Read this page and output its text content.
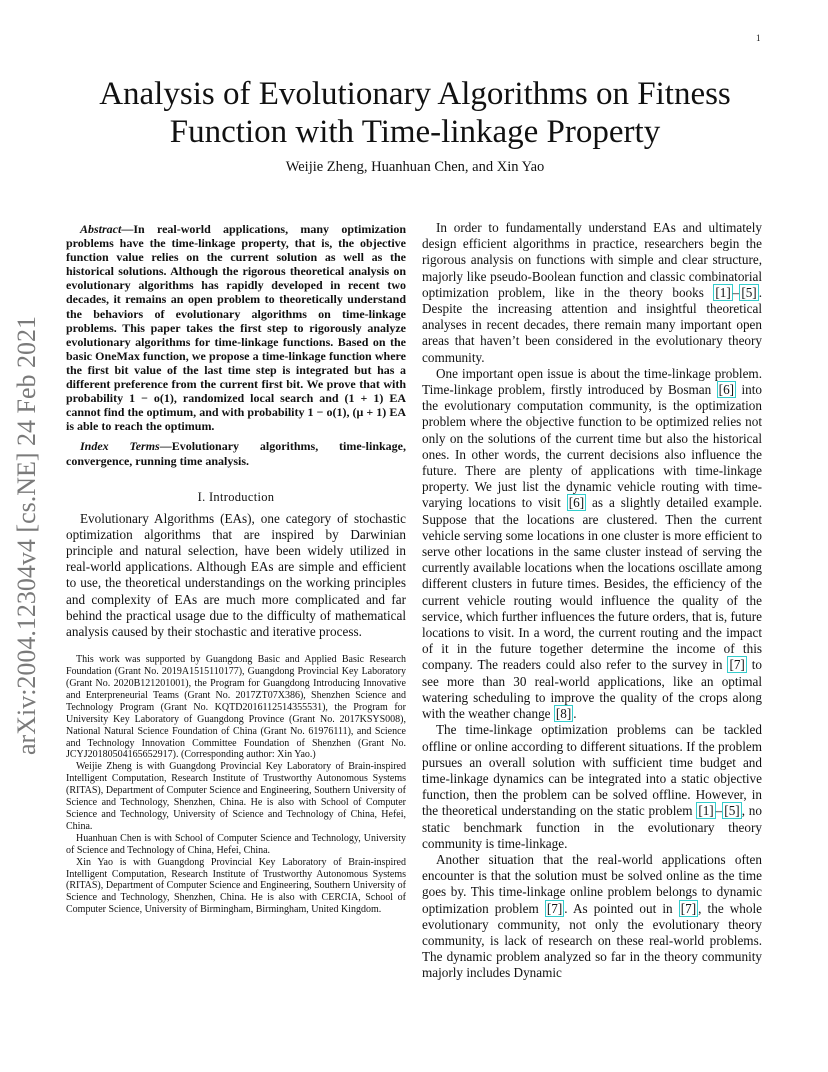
1
arXiv:2004.12304v4 [cs.NE] 24 Feb 2021
Analysis of Evolutionary Algorithms on Fitness
Function with Time-linkage Property
Weijie Zheng, Huanhuan Chen, and Xin Yao

Abstract—In real-world applications, many optimization problems have the time-linkage property, that is, the objective function value relies on the current solution as well as the historical solutions. Although the rigorous theoretical analysis on evolutionary algorithms has rapidly developed in recent two decades, it remains an open problem to theoretically understand the behaviors of evolutionary algorithms on time-linkage problems. This paper takes the first step to rigorously analyze evolutionary algorithms for time-linkage functions. Based on the basic OneMax function, we propose a time-linkage function where the first bit value of the last time step is integrated but has a different preference from the current first bit. We prove that with probability 1 − o(1), randomized local search and (1 + 1) EA cannot find the optimum, and with probability 1 − o(1), (μ + 1) EA is able to reach the optimum.

Index Terms—Evolutionary algorithms, time-linkage, convergence, running time analysis.

I. Introduction

Evolutionary Algorithms (EAs), one category of stochastic optimization algorithms that are inspired by Darwinian principle and natural selection, have been widely utilized in real-world applications. Although EAs are simple and efficient to use, the theoretical understandings on the working principles and complexity of EAs are much more complicated and far behind the practical usage due to the difficulty of mathematical analysis caused by their stochastic and iterative process.

This work was supported by Guangdong Basic and Applied Basic Research Foundation (Grant No. 2019A1515110177), Guangdong Provincial Key Laboratory (Grant No. 2020B121201001), the Program for Guangdong Introducing Innovative and Enterpreneurial Teams (Grant No. 2017ZT07X386), Shenzhen Science and Technology Program (Grant No. KQTD2016112514355531), the Program for University Key Laboratory of Guangdong Province (Grant No. 2017KSYS008), National Natural Science Foundation of China (Grant No. 61976111), and Science and Technology Innovation Committee Foundation of Shenzhen (Grant No. JCYJ20180504165652917). (Corresponding author: Xin Yao.)

Weijie Zheng is with Guangdong Provincial Key Laboratory of Brain-inspired Intelligent Computation, Research Institute of Trustworthy Autonomous Systems (RITAS), Department of Computer Science and Engineering, Southern University of Science and Technology, Shenzhen, China. He is also with School of Computer Science and Technology, University of Science and Technology of China, Hefei, China.

Huanhuan Chen is with School of Computer Science and Technology, University of Science and Technology of China, Hefei, China.

Xin Yao is with Guangdong Provincial Key Laboratory of Brain-inspired Intelligent Computation, Research Institute of Trustworthy Autonomous Systems (RITAS), Department of Computer Science and Engineering, Southern University of Science and Technology, Shenzhen, China. He is also with CERCIA, School of Computer Science, University of Birmingham, Birmingham, United Kingdom.

In order to fundamentally understand EAs and ultimately design efficient algorithms in practice, researchers begin the rigorous analysis on functions with simple and clear structure, majorly like pseudo-Boolean function and classic combinatorial optimization problem, like in the theory books [1] – [5] . Despite the increasing attention and insightful theoretical analyses in recent decades, there remain many important open areas that haven’t been considered in the evolutionary theory community.

One important open issue is about the time-linkage problem. Time-linkage problem, firstly introduced by Bosman [6] into the evolutionary computation community, is the optimization problem where the objective function to be optimized relies not only on the solutions of the current time but also the historical ones. In other words, the current decisions also influence the future. There are plenty of applications with time-linkage property. We just list the dynamic vehicle routing with time-varying locations to visit [6] as a slightly detailed example. Suppose that the locations are clustered. Then the current vehicle serving some locations in one cluster is more efficient to serve other locations in the same cluster instead of serving the currently available locations when the locations oscillate among different clusters in future times. Besides, the efficiency of the current vehicle routing would influence the quality of the service, which further influences the future orders, that is, future locations to visit. In a word, the current routing and the impact of it in the future together determine the income of this company. The readers could also refer to the survey in [7] to see more than 30 real-world applications, like an optimal watering scheduling to improve the quality of the crops along with the weather change [8] .

The time-linkage optimization problems can be tackled offline or online according to different situations. If the problem pursues an overall solution with sufficient time budget and time-linkage dynamics can be integrated into a static objective function, then the problem can be solved offline. However, in the theoretical understanding on the static problem [1] – [5] , no static benchmark function in the evolutionary theory community is time-linkage.

Another situation that the real-world applications often encounter is that the solution must be solved online as the time goes by. This time-linkage online problem belongs to dynamic optimization problem [7] . As pointed out in [7] , the whole evolutionary community, not only the evolutionary theory community, is lack of research on these real-world problems. The dynamic problem analyzed so far in the theory community majorly includes Dynamic
